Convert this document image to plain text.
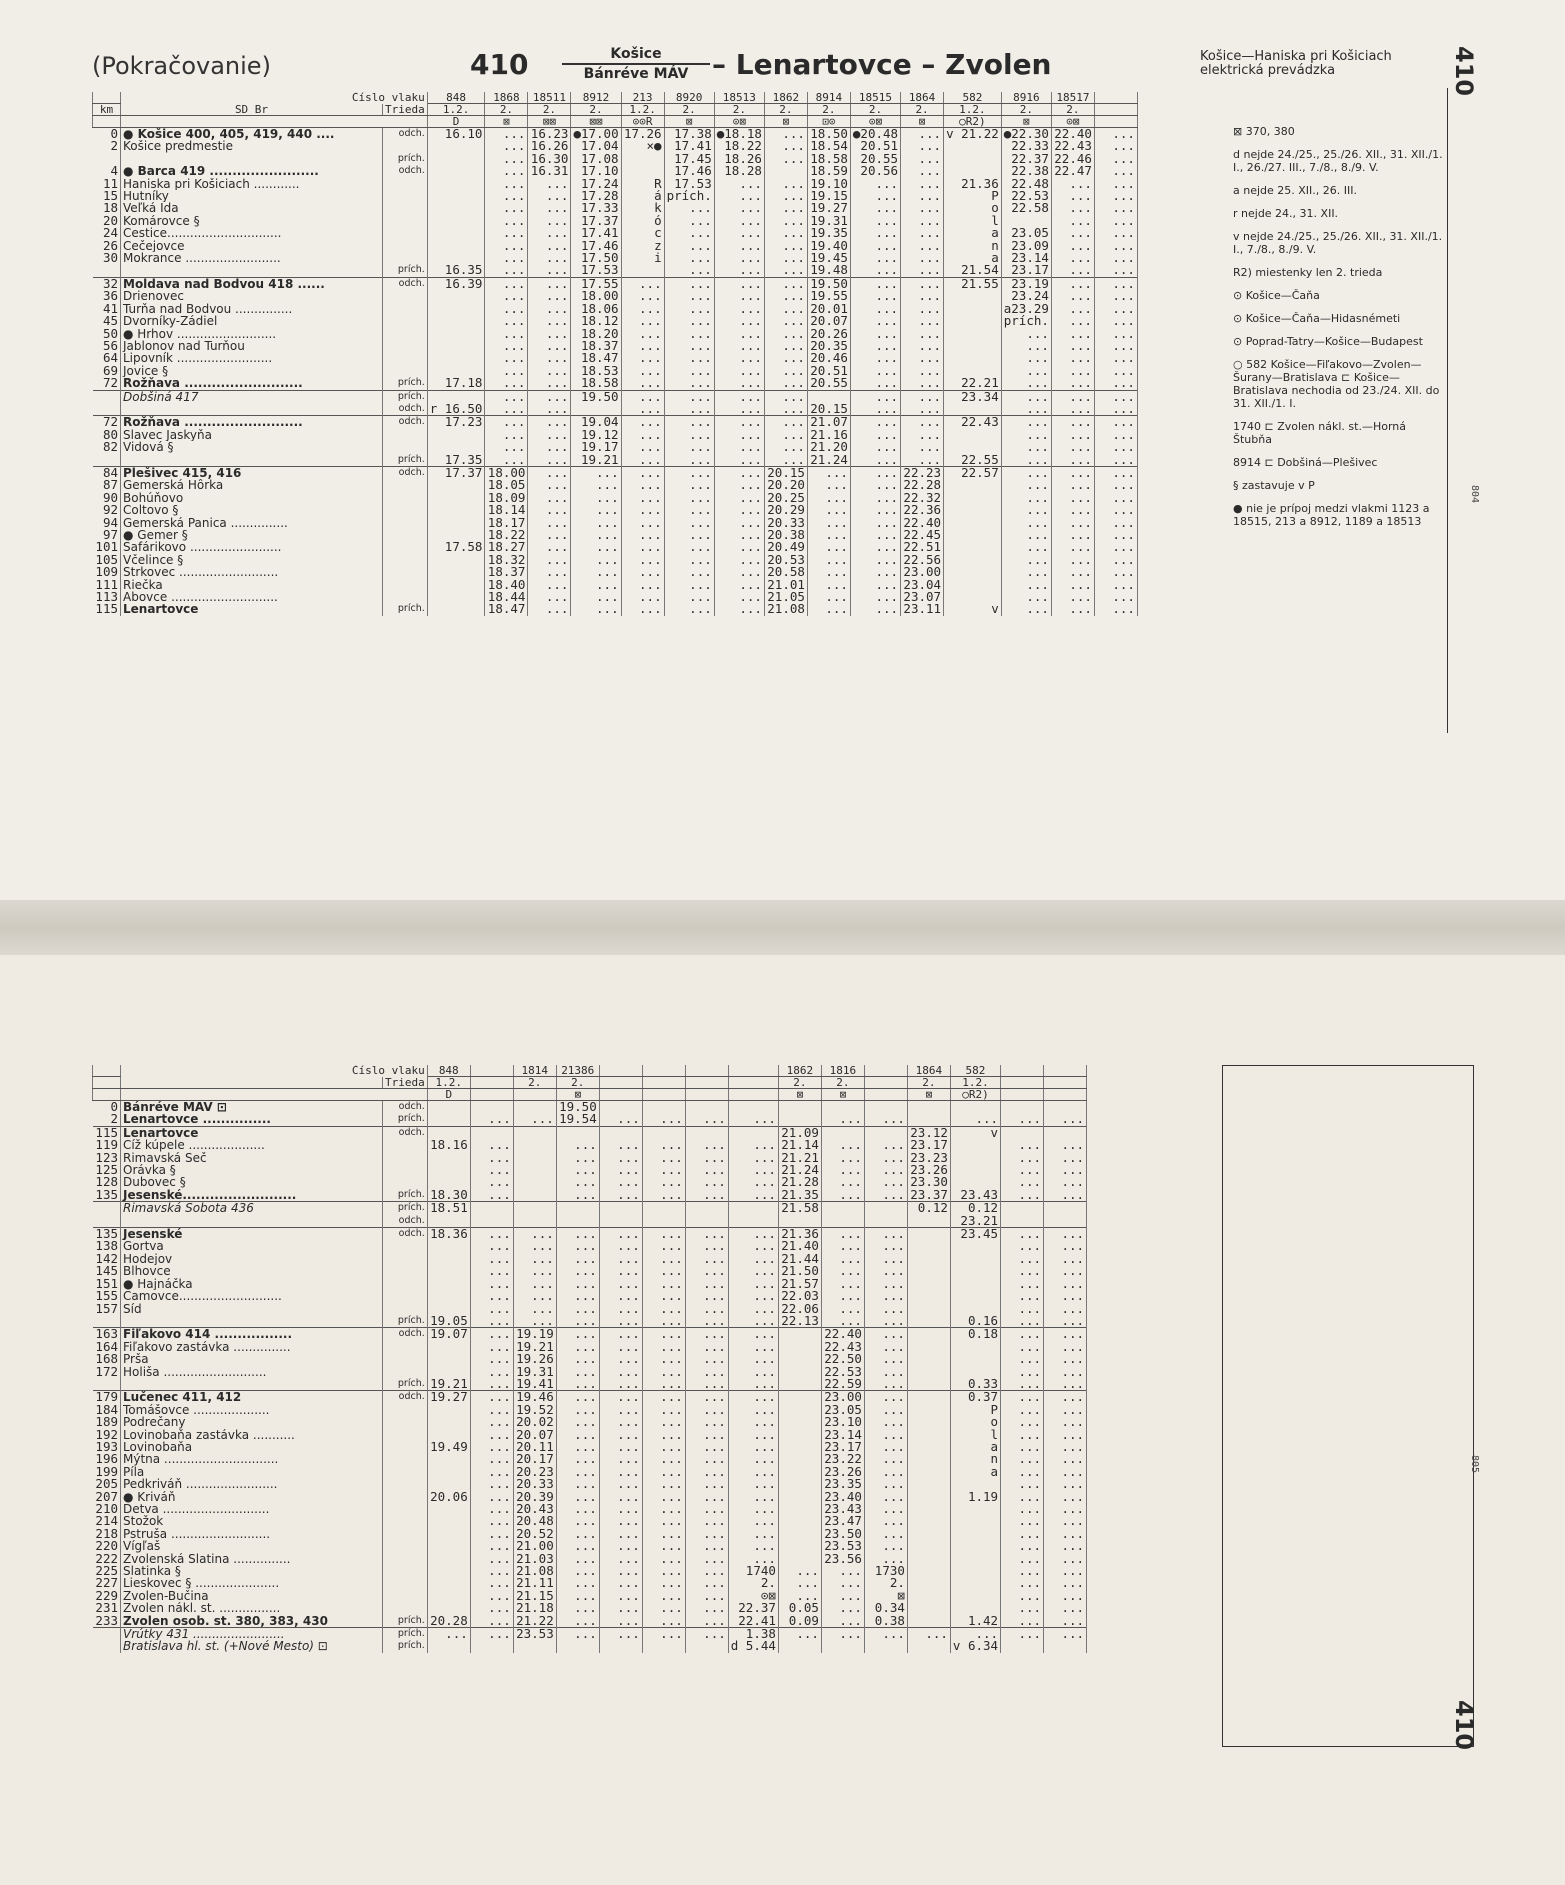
(Pokračovanie)	410	Košice
Bánréve MÁV – Lenartovce – Zvolen	Košice—Haniska pri Košiciach
elektrická prevádzka	410
804
	Číslo vlaku		848	1868	18511	8912	213	8920	18513	1862	8914	18515	1864	582	8916	18517	
km	SD Br	Trieda	1.2.	2.	2.	2.	1.2.	2.	2.	2.	2.	2.	2.	1.2.	2.	2.	
			D	⊠	⊠⊠	⊠⊠	⊙⊙R	⊠	⊙⊠	⊠	⊡⊙	⊙⊠	⊠	○R2)	⊠	⊙⊠	
0	● Košice 400, 405, 419, 440 ....	odch.	16.10	...	16.23	●17.00	17.26	17.38	●18.18	...	18.50	●20.48	...	v 21.22	●22.30	22.40	...
2	Košice predmestie			...	16.26	17.04	⨯●	17.41	18.22	...	18.54	20.51	...		22.33	22.43	...
		prích.		...	16.30	17.08		17.45	18.26	...	18.58	20.55	...		22.37	22.46	...
4	● Barca 419 ........................	odch.		...	16.31	17.10		17.46	18.28		18.59	20.56	...		22.38	22.47	...
11	Haniska pri Košiciach ............			...	...	17.24	R	17.53	...	...	19.10	...	...	21.36	22.48	...	...
15	Hutníky			...	...	17.28	á	prích.	...	...	19.15	...	...	P	22.53	...	...
18	Veľká Ida			...	...	17.33	k	...	...	...	19.27	...	...	o	22.58	...	...
20	Komárovce §			...	...	17.37	ó	...	...	...	19.31	...	...	l		...	...
24	Cestice..............................			...	...	17.41	c	...	...	...	19.35	...	...	a	23.05	...	...
26	Čečejovce			...	...	17.46	z	...	...	...	19.40	...	...	n	23.09	...	...
30	Mokrance .........................			...	...	17.50	i	...	...	...	19.45	...	...	a	23.14	...	...
		prích.	16.35	...	...	17.53		...	...	...	19.48	...	...	21.54	23.17	...	...
32	Moldava nad Bodvou 418 ......	odch.	16.39	...	...	17.55	...	...	...	...	19.50	...	...	21.55	23.19	...	...
36	Drienovec			...	...	18.00	...	...	...	...	19.55	...	...		23.24	...	...
41	Turňa nad Bodvou ...............			...	...	18.06	...	...	...	...	20.01	...	...		a23.29	...	...
45	Dvorníky-Zádiel			...	...	18.12	...	...	...	...	20.07	...	...		prích.	...	...
50	● Hrhov ..........................			...	...	18.20	...	...	...	...	20.26	...	...		...	...	...
56	Jablonov nad Turňou			...	...	18.37	...	...	...	...	20.35	...	...		...	...	...
64	Lipovník .........................			...	...	18.47	...	...	...	...	20.46	...	...		...	...	...
69	Jovice §			...	...	18.53	...	...	...	...	20.51	...	...		...	...	...
72	Rožňava ..........................	prích.	17.18	...	...	18.58	...	...	...	...	20.55	...	...	22.21	...	...	...
	Dobšiná 417	prích.		...	...	19.50	...	...	...	...		...	...	23.34	...	...	...
		odch.	r 16.50	...	...		...	...	...	...	20.15	...	...		...	...	...
72	Rožňava ..........................	odch.	17.23	...	...	19.04	...	...	...	...	21.07	...	...	22.43	...	...	...
80	Slavec Jaskyňa			...	...	19.12	...	...	...	...	21.16	...	...		...	...	...
82	Vidová §			...	...	19.17	...	...	...	...	21.20	...	...		...	...	...
		prích.	17.35	...	...	19.21	...	...	...	...	21.24	...	...	22.55	...	...	...
84	Plešivec 415, 416	odch.	17.37	18.00	...	...	...	...	...	20.15	...	...	22.23	22.57	...	...	...
87	Gemerská Hôrka			18.05	...	...	...	...	...	20.20	...	...	22.28		...	...	...
90	Bohúňovo			18.09	...	...	...	...	...	20.25	...	...	22.32		...	...	...
92	Čoltovo §			18.14	...	...	...	...	...	20.29	...	...	22.36		...	...	...
94	Gemerská Panica ...............			18.17	...	...	...	...	...	20.33	...	...	22.40		...	...	...
97	● Gemer §			18.22	...	...	...	...	...	20.38	...	...	22.45		...	...	...
101	Šafárikovo ........................		17.58	18.27	...	...	...	...	...	20.49	...	...	22.51		...	...	...
105	Včelince §			18.32	...	...	...	...	...	20.53	...	...	22.56		...	...	...
109	Štrkovec ..........................			18.37	...	...	...	...	...	20.58	...	...	23.00		...	...	...
111	Riečka			18.40	...	...	...	...	...	21.01	...	...	23.04		...	...	...
113	Abovce ............................			18.44	...	...	...	...	...	21.05	...	...	23.07		...	...	...
115	Lenartovce	prích.		18.47	...	...	...	...	...	21.08	...	...	23.11	v	...	...	...

⊠ 370, 380

d nejde 24./25., 25./26. XII., 31. XII./1. I., 26./27. III., 7./8., 8./9. V.

a nejde 25. XII., 26. III.

r nejde 24., 31. XII.

v nejde 24./25., 25./26. XII., 31. XII./1. I., 7./8., 8./9. V.

R2) miestenky len 2. trieda

⊙ Košice—Čaňa

⊙ Košice—Čaňa—Hidasnémeti

⊙ Poprad-Tatry—Košice—Budapest

○ 582 Košice—Fiľakovo—Zvolen—Šurany—Bratislava ⊏ Košice—Bratislava nechodia od 23./24. XII. do 31. XII./1. I.

1740 ⊏ Zvolen nákl. st.—Horná Štubňa

8914 ⊏ Dobšiná—Plešivec

§ zastavuje v P

● nie je prípoj medzi vlakmi 1123 a 18515, 213 a 8912, 1189 a 18513

410
805
	Číslo vlaku		848		1814	21386					1862	1816		1864	582		
		Trieda	1.2.		2.	2.					2.	2.		2.	1.2.		
			D			⊠					⊠	⊠		⊠	○R2)		
0	Bánréve MÁV ⊡	odch.				19.50											
2	Lenartovce ...............	prích.		...	...	19.54	...	...	...	...		...	...		...	...	...
115	Lenartovce	odch.									21.09			23.12	v		
119	Číž kúpele ....................		18.16	...		...	...	...	...	...	21.14	...	...	23.17		...	...
123	Rimavská Seč			...		...	...	...	...	...	21.21	...	...	23.23		...	...
125	Orávka §			...		...	...	...	...	...	21.24	...	...	23.26		...	...
128	Dubovec §			...		...	...	...	...	...	21.28	...	...	23.30		...	...
135	Jesenské.........................	prích.	18.30	...		...	...	...	...	...	21.35	...	...	23.37	23.43	...	...
	Rimavská Sobota 436	prích.	18.51								21.58			0.12	0.12		
		odch.													23.21		
135	Jesenské	odch.	18.36	...	...	...	...	...	...	...	21.36	...	...		23.45	...	...
138	Gortva			...	...	...	...	...	...	...	21.40	...	...			...	...
142	Hodejov			...	...	...	...	...	...	...	21.44	...	...			...	...
145	Blhovce			...	...	...	...	...	...	...	21.50	...	...			...	...
151	● Hajnáčka			...	...	...	...	...	...	...	21.57	...	...			...	...
155	Čamovce...........................			...	...	...	...	...	...	...	22.03	...	...			...	...
157	Šíd			...	...	...	...	...	...	...	22.06	...	...			...	...
		prích.	19.05	...	...	...	...	...	...	...	22.13	...	...		0.16	...	...
163	Fiľakovo 414 .................	odch.	19.07	...	19.19	...	...	...	...	...		22.40	...		0.18	...	...
164	Fiľakovo zastávka ...............			...	19.21	...	...	...	...	...		22.43	...			...	...
168	Prša			...	19.26	...	...	...	...	...		22.50	...			...	...
172	Holiša ...........................			...	19.31	...	...	...	...	...		22.53	...			...	...
		prích.	19.21	...	19.41	...	...	...	...	...		22.59	...		0.33	...	...
179	Lučenec 411, 412	odch.	19.27	...	19.46	...	...	...	...	...		23.00	...		0.37	...	...
184	Tomášovce ....................			...	19.52	...	...	...	...	...		23.05	...		P	...	...
189	Podrečany			...	20.02	...	...	...	...	...		23.10	...		o	...	...
192	Lovinobaňa zastávka ...........			...	20.07	...	...	...	...	...		23.14	...		l	...	...
193	Lovinobaňa		19.49	...	20.11	...	...	...	...	...		23.17	...		a	...	...
196	Mýtna ..............................			...	20.17	...	...	...	...	...		23.22	...		n	...	...
199	Píla			...	20.23	...	...	...	...	...		23.26	...		a	...	...
205	Pedkriváň ........................			...	20.33	...	...	...	...	...		23.35	...			...	...
207	● Kriváň		20.06	...	20.39	...	...	...	...	...		23.40	...		1.19	...	...
210	Detva ............................			...	20.43	...	...	...	...	...		23.43	...			...	...
214	Stožok			...	20.48	...	...	...	...	...		23.47	...			...	...
218	Pstruša ..........................			...	20.52	...	...	...	...	...		23.50	...			...	...
220	Vígľaš			...	21.00	...	...	...	...	...		23.53	...			...	...
222	Zvolenská Slatina ...............			...	21.03	...	...	...	...	...		23.56	...			...	...
225	Slatinka §			...	21.08	...	...	...	...	1740	...	...	1730			...	...
227	Lieskovec § ......................			...	21.11	...	...	...	...	2.	...	...	2.			...	...
229	Zvolen-Bučina			...	21.15	...	...	...	...	⊙⊠	...	...	⊠			...	...
231	Zvolen nákl. st. ................			...	21.18	...	...	...	...	22.37	0.05	...	0.34			...	...
233	Zvolen osob. st. 380, 383, 430	prích.	20.28	...	21.22	...	...	...	...	22.41	0.09	...	0.38		1.42	...	...
	Vrútky 431 ........................	prích.	...	...	23.53	...	...	...	...	1.38	...	...	...	...	...	...	...
	Bratislava hl. st. (+Nové Mesto) ⊡	prích.								d 5.44					v 6.34		
